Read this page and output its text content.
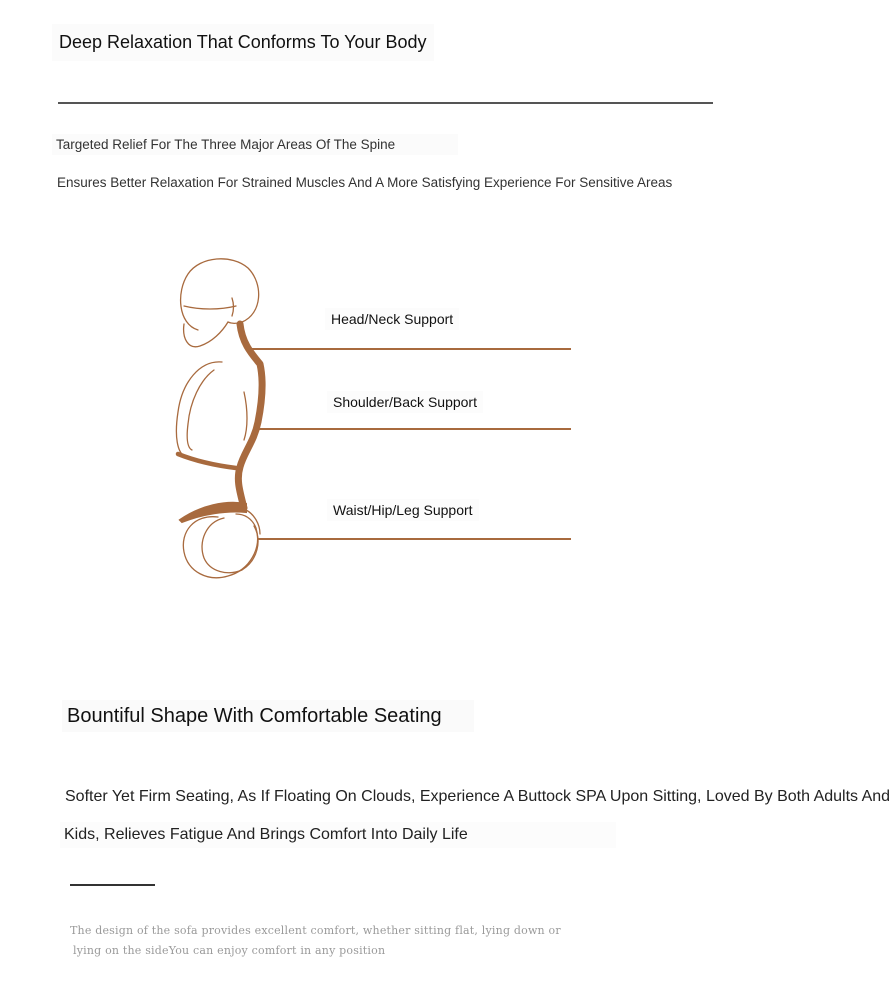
Deep Relaxation That Conforms To Your Body
Targeted Relief For The Three Major Areas Of The Spine
Ensures Better Relaxation For Strained Muscles And A More Satisfying Experience For Sensitive Areas
Head/Neck Support
Shoulder/Back Support
Waist/Hip/Leg Support
Bountiful Shape With Comfortable Seating
Softer Yet Firm Seating, As If Floating On Clouds, Experience A Buttock SPA Upon Sitting, Loved By Both Adults And
Kids, Relieves Fatigue And Brings Comfort Into Daily Life
The design of the sofa provides excellent comfort, whether sitting flat, lying down or
lying on the sideYou can enjoy comfort in any position
